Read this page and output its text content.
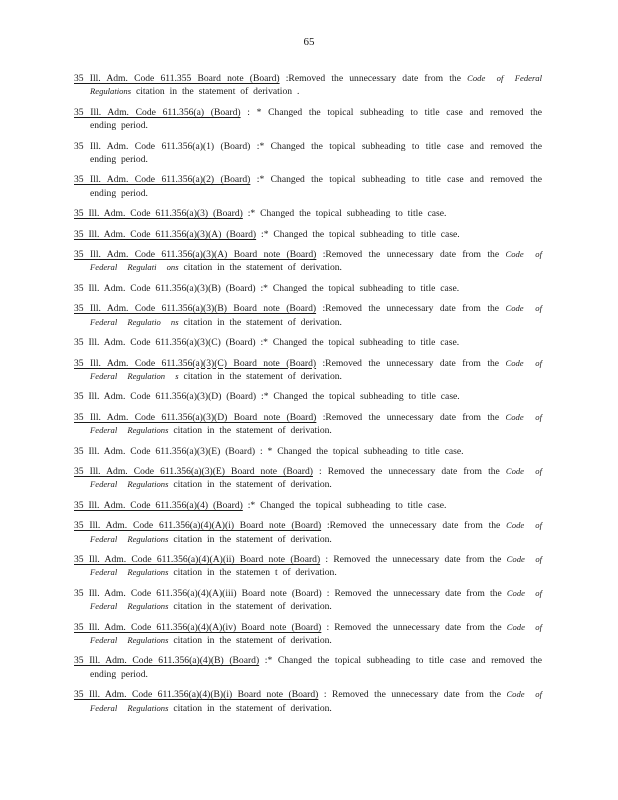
65
35 Ill. Adm. Code 611.355 Board note (Board) :Removed the unnecessary date from the Code of Federal Regulations citation in the statement of derivation .
35 Ill. Adm. Code 611.356(a) (Board) : * Changed the topical subheading to title case and removed the ending period.
35 Ill. Adm. Code 611.356(a)(1) (Board) :* Changed the topical subheading to title case and removed the ending period.
35 Ill. Adm. Code 611.356(a)(2) (Board) :* Changed the topical subheading to title case and removed the ending period.
35 Ill. Adm. Code 611.356(a)(3) (Board) :* Changed the topical subheading to title case.
35 Ill. Adm. Code 611.356(a)(3)(A) (Board) :* Changed the topical subheading to title case.
35 Ill. Adm. Code 611.356(a)(3)(A) Board note (Board) :Removed the unnecessary date from the Code of Federal Regulati ons citation in the statement of derivation.
35 Ill. Adm. Code 611.356(a)(3)(B) (Board) :* Changed the topical subheading to title case.
35 Ill. Adm. Code 611.356(a)(3)(B) Board note (Board) :Removed the unnecessary date from the Code of Federal Regulatio ns citation in the statement of derivation.
35 Ill. Adm. Code 611.356(a)(3)(C) (Board) :* Changed the topical subheading to title case.
35 Ill. Adm. Code 611.356(a)(3)(C) Board note (Board) :Removed the unnecessary date from the Code of Federal Regulation s citation in the statement of derivation.
35 Ill. Adm. Code 611.356(a)(3)(D) (Board) :* Changed the topical subheading to title case.
35 Ill. Adm. Code 611.356(a)(3)(D) Board note (Board) :Removed the unnecessary date from the Code of Federal Regulations citation in the statement of derivation.
35 Ill. Adm. Code 611.356(a)(3)(E) (Board) : * Changed the topical subheading to title case.
35 Ill. Adm. Code 611.356(a)(3)(E) Board note (Board) : Removed the unnecessary date from the Code of Federal Regulations citation in the statement of derivation.
35 Ill. Adm. Code 611.356(a)(4) (Board) :* Changed the topical subheading to title case.
35 Ill. Adm. Code 611.356(a)(4)(A)(i) Board note (Board) :Removed the unnecessary date from the Code of Federal Regulations citation in the statement of derivation.
35 Ill. Adm. Code 611.356(a)(4)(A)(ii) Board note (Board) : Removed the unnecessary date from the Code of Federal Regulations citation in the statemen t of derivation.
35 Ill. Adm. Code 611.356(a)(4)(A)(iii) Board note (Board) : Removed the unnecessary date from the Code of Federal Regulations citation in the statement of derivation.
35 Ill. Adm. Code 611.356(a)(4)(A)(iv) Board note (Board) : Removed the unnecessary date from the Code of Federal Regulations citation in the statement of derivation.
35 Ill. Adm. Code 611.356(a)(4)(B) (Board) :* Changed the topical subheading to title case and removed the ending period.
35 Ill. Adm. Code 611.356(a)(4)(B)(i) Board note (Board) : Removed the unnecessary date from the Code of Federal Regulations citation in the statement of derivation.
